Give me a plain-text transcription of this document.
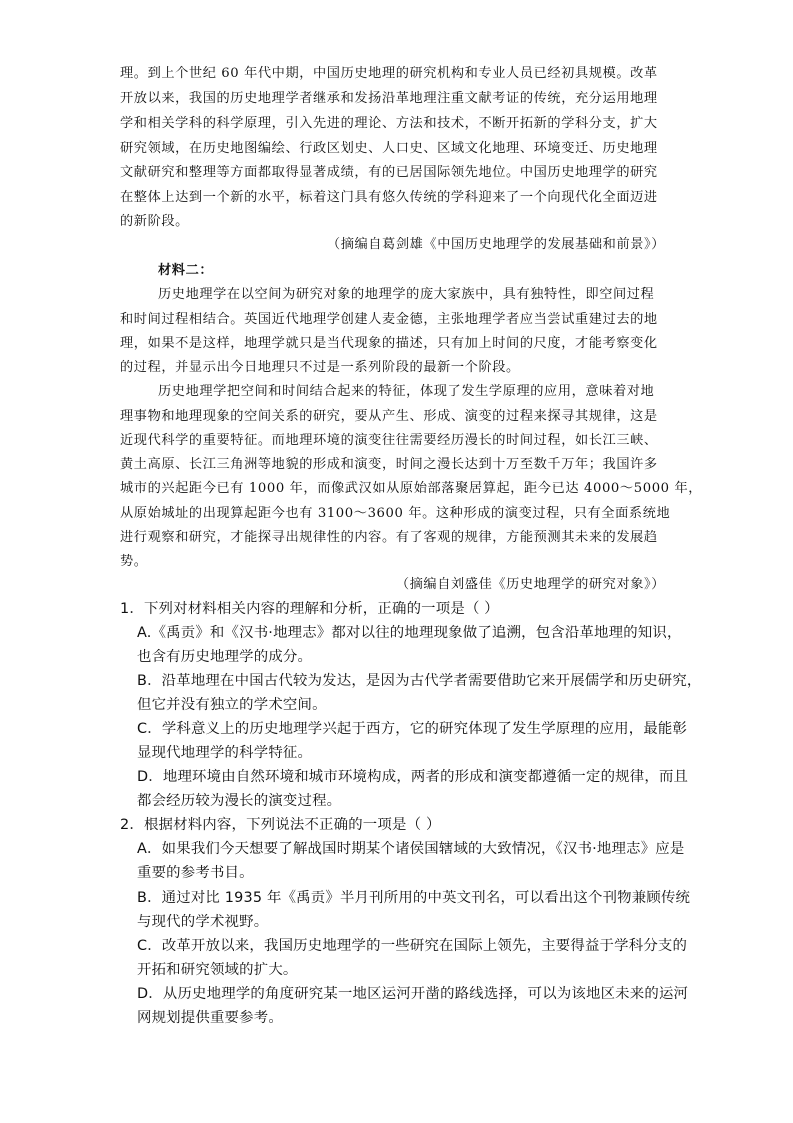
理。到上个世纪 60 年代中期，中国历史地理的研究机构和专业人员已经初具规模。改革
开放以来，我国的历史地理学者继承和发扬沿革地理注重文献考证的传统，充分运用地理
学和相关学科的科学原理，引入先进的理论、方法和技术，不断开拓新的学科分支，扩大
研究领域，在历史地图编绘、行政区划史、人口史、区域文化地理、环境变迁、历史地理
文献研究和整理等方面都取得显著成绩，有的已居国际领先地位。中国历史地理学的研究
在整体上达到一个新的水平，标着这门具有悠久传统的学科迎来了一个向现代化全面迈进
的新阶段。
（摘编自葛剑雄《中国历史地理学的发展基础和前景》）
材料二：
历史地理学在以空间为研究对象的地理学的庞大家族中，具有独特性，即空间过程
和时间过程相结合。英国近代地理学创建人麦金德，主张地理学者应当尝试重建过去的地
理，如果不是这样，地理学就只是当代现象的描述，只有加上时间的尺度，才能考察变化
的过程，并显示出今日地理只不过是一系列阶段的最新一个阶段。
历史地理学把空间和时间结合起来的特征，体现了发生学原理的应用，意味着对地
理事物和地理现象的空间关系的研究，要从产生、形成、演变的过程来探寻其规律，这是
近现代科学的重要特征。而地理环境的演变往往需要经历漫长的时间过程，如长江三峡、
黄土高原、长江三角洲等地貌的形成和演变，时间之漫长达到十万至数千万年；我国许多
城市的兴起距今已有 1000 年，而像武汉如从原始部落聚居算起，距今已达 4000～5000 年，
从原始城址的出现算起距今也有 3100～3600 年。这种形成的演变过程，只有全面系统地
进行观察和研究，才能探寻出规律性的内容。有了客观的规律，方能预测其未来的发展趋
势。
（摘编自刘盛佳《历史地理学的研究对象》）
1．下列对材料相关内容的理解和分析，正确的一项是（ ）
A.《禹贡》和《汉书·地理志》都对以往的地理现象做了追溯，包含沿革地理的知识，
也含有历史地理学的成分。
B．沿革地理在中国古代较为发达，是因为古代学者需要借助它来开展儒学和历史研究，
但它并没有独立的学术空间。
C．学科意义上的历史地理学兴起于西方，它的研究体现了发生学原理的应用，最能彰
显现代地理学的科学特征。
D．地理环境由自然环境和城市环境构成，两者的形成和演变都遵循一定的规律，而且
都会经历较为漫长的演变过程。
2．根据材料内容，下列说法不正确的一项是（ ）
A．如果我们今天想要了解战国时期某个诸侯国辖域的大致情况，《汉书·地理志》应是
重要的参考书目。
B．通过对比 1935 年《禹贡》半月刊所用的中英文刊名，可以看出这个刊物兼顾传统
与现代的学术视野。
C．改革开放以来，我国历史地理学的一些研究在国际上领先，主要得益于学科分支的
开拓和研究领域的扩大。
D．从历史地理学的角度研究某一地区运河开凿的路线选择，可以为该地区未来的运河
网规划提供重要参考。
